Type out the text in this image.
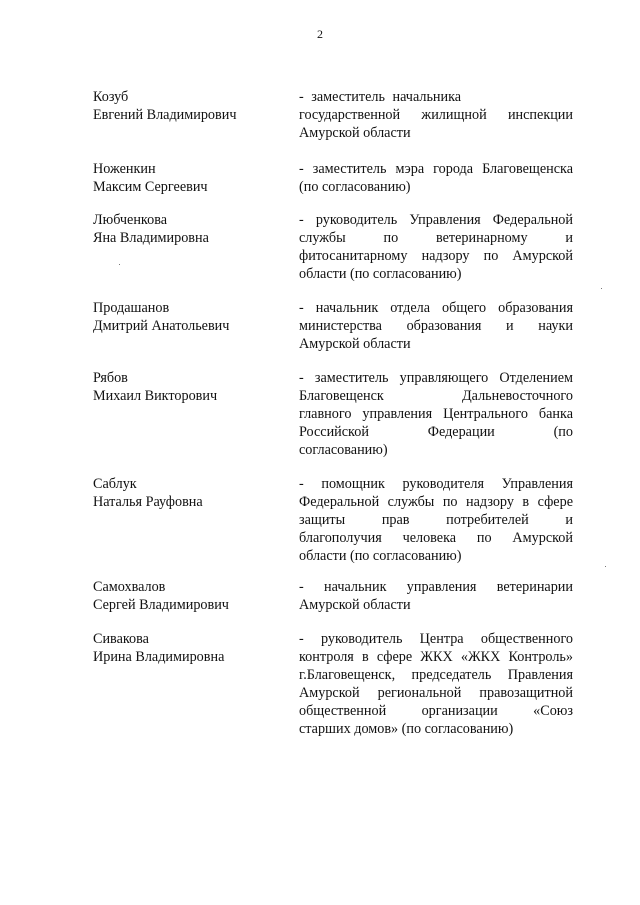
2
Козуб
Евгений Владимирович
- заместитель начальника
государственной жилищной инспекции
Амурской области
Ноженкин
Максим Сергеевич
- заместитель мэра города Благовещенска
(по согласованию)
Любченкова
Яна Владимировна
- руководитель Управления Федеральной
службы по ветеринарному и
фитосанитарному надзору по Амурской
области (по согласованию)
Продашанов
Дмитрий Анатольевич
- начальник отдела общего образования
министерства образования и науки
Амурской области
Рябов
Михаил Викторович
- заместитель управляющего Отделением
Благовещенск Дальневосточного
главного управления Центрального банка
Российской Федерации (по
согласованию)
Саблук
Наталья Рауфовна
- помощник руководителя Управления
Федеральной службы по надзору в сфере
защиты прав потребителей и
благополучия человека по Амурской
области (по согласованию)
Самохвалов
Сергей Владимирович
- начальник управления ветеринарии
Амурской области
Сивакова
Ирина Владимировна
- руководитель Центра общественного
контроля в сфере ЖКХ «ЖКХ Контроль»
г.Благовещенск, председатель Правления
Амурской региональной правозащитной
общественной организации «Союз
старших домов» (по согласованию)
